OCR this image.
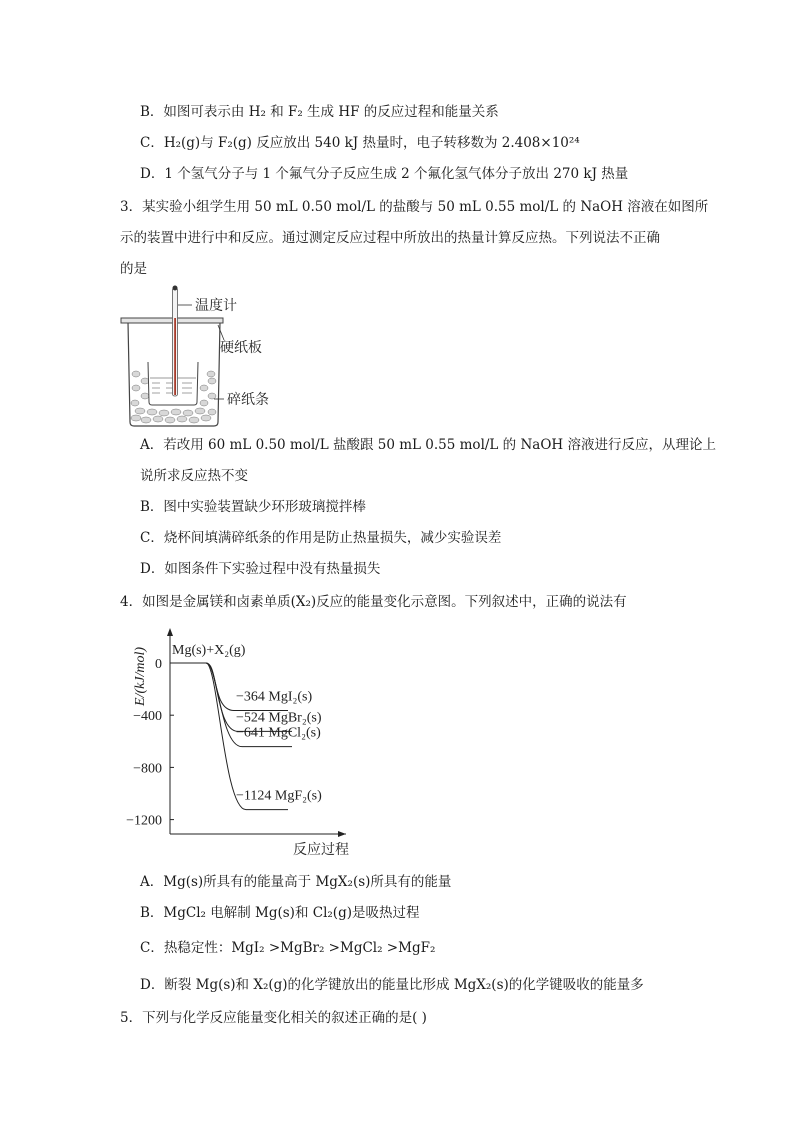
B．如图可表示由 H₂ 和 F₂ 生成 HF 的反应过程和能量关系
C．H₂(g)与 F₂(g) 反应放出 540 kJ 热量时，电子转移数为 2.408×10²⁴
D．1 个氢气分子与 1 个氟气分子反应生成 2 个氟化氢气体分子放出 270 kJ 热量
3．某实验小组学生用 50 mL 0.50 mol/L 的盐酸与 50 mL 0.55 mol/L 的 NaOH 溶液在如图所
示的装置中进行中和反应。通过测定反应过程中所放出的热量计算反应热。下列说法不正确
的是
温度计
硬纸板
碎纸条
A．若改用 60 mL 0.50 mol/L 盐酸跟 50 mL 0.55 mol/L 的 NaOH 溶液进行反应，从理论上
说所求反应热不变
B．图中实验装置缺少环形玻璃搅拌棒
C．烧杯间填满碎纸条的作用是防止热量损失，减少实验误差
D．如图条件下实验过程中没有热量损失
4．如图是金属镁和卤素单质(X₂)反应的能量变化示意图。下列叙述中，正确的说法有
0
−400
−800
−1200
−364 MgI₂(s)
−524 MgBr₂(s)
−641 MgCl₂(s)
−1124 MgF₂(s)
E/(kJ/mol)
反应过程
Mg(s)+X₂(g)
A．Mg(s)所具有的能量高于 MgX₂(s)所具有的能量
B．MgCl₂ 电解制 Mg(s)和 Cl₂(g)是吸热过程
C．热稳定性：MgI₂ >MgBr₂ >MgCl₂ >MgF₂
D．断裂 Mg(s)和 X₂(g)的化学键放出的能量比形成 MgX₂(s)的化学键吸收的能量多
5．下列与化学反应能量变化相关的叙述正确的是( )
